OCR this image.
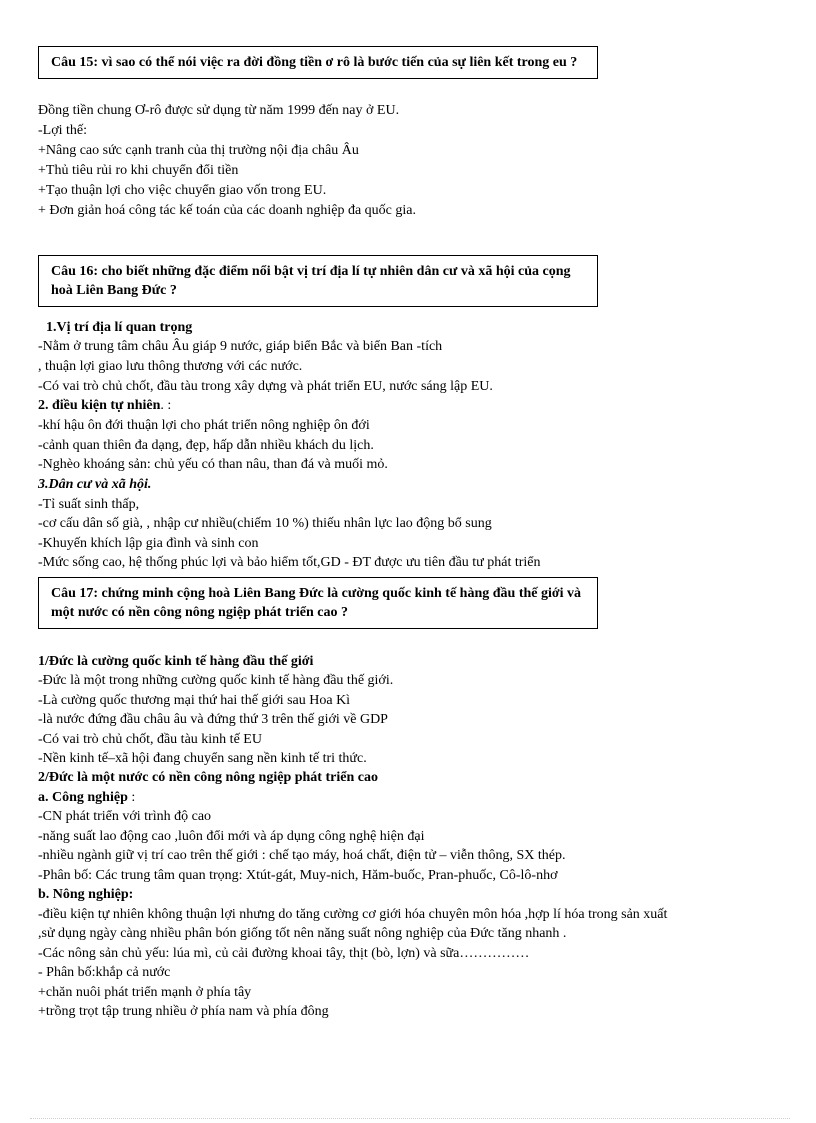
Câu 15: vì sao có thể nói việc ra đời đồng tiền ơ rô là bước tiến của sự liên kết trong eu ?
Đồng tiền chung Ơ-rô được sử dụng từ năm 1999 đến nay ở EU.
-Lợi thế:
+Nâng cao sức cạnh tranh của thị trường nội địa châu Âu
+Thủ tiêu rủi ro khi chuyển đổi tiền
+Tạo thuận lợi cho việc chuyển giao vốn trong EU.
+ Đơn giản hoá công tác kế toán của các doanh nghiệp đa quốc gia.
Câu 16: cho biết những đặc điểm nổi bật vị trí địa lí tự nhiên dân cư và xã hội của cọng hoà Liên Bang Đức ?
1.Vị trí địa lí quan trọng
-Nằm ở trung tâm châu Âu giáp 9 nước, giáp biển Bắc và biển Ban -tích
, thuận lợi giao lưu thông thương với các nước.
-Có vai trò chủ chốt, đầu tàu trong xây dựng và phát triển EU, nước sáng lập EU.
2. điều kiện tự nhiên. :
-khí hậu ôn đới thuận lợi cho phát triển nông nghiệp ôn đới
-cảnh quan thiên đa dạng, đẹp, hấp dẫn nhiều khách du lịch.
-Nghèo khoáng sản: chủ yếu có than nâu, than đá và muối mỏ.
3.Dân cư và xã hội.
-Tỉ suất sinh thấp,
-cơ cấu dân số già, , nhập cư nhiều(chiếm 10 %) thiếu nhân lực lao động bổ sung
-Khuyến khích lập gia đình và sinh con
-Mức sống cao, hệ thống phúc lợi và bảo hiểm tốt,GD - ĐT được ưu tiên đầu tư phát triển
Câu 17: chứng minh cộng hoà Liên Bang Đức là cường quốc kinh tế hàng đầu thế giới và một nước có nền công nông ngiệp phát triển cao ?
1/Đức là cường quốc kinh tế hàng đầu thế giới
-Đức là một trong những cường quốc kinh tế hàng đầu thế giới.
-Là cường quốc thương mại thứ hai thế giới sau Hoa Kì
-là nước đứng đầu châu âu và đứng thứ 3 trên thế giới về GDP
-Có vai trò chủ chốt, đầu tàu kinh tế EU
-Nền kinh tế–xã hội đang chuyển sang nền kinh tế tri thức.
2/Đức là một nước có nền công nông ngiệp phát triển cao
a. Công nghiệp :
-CN phát triển với trình độ cao
-năng suất lao động cao ,luôn đổi mới và áp dụng công nghệ hiện đại
-nhiều ngành giữ vị trí cao trên thế giới : chế tạo máy, hoá chất, điện tử – viễn thông, SX thép.
-Phân bố: Các trung tâm quan trọng: Xtút-gát, Muy-nich, Hăm-buốc, Pran-phuốc, Cô-lô-nhơ
b. Nông nghiệp:
-điều kiện tự nhiên không thuận lợi nhưng do tăng cường cơ giới hóa chuyên môn hóa ,hợp lí hóa trong sản xuất
,sử dụng ngày càng nhiều phân bón giống tốt nên năng suất nông nghiệp của Đức tăng nhanh .
-Các nông sản chủ yếu: lúa mì, củ cải đường khoai tây, thịt (bò, lợn) và sữa……………
- Phân bố:khắp cả nước
+chăn nuôi phát triển mạnh ở phía tây
+trồng trọt tập trung nhiều ở phía nam và phía đông
